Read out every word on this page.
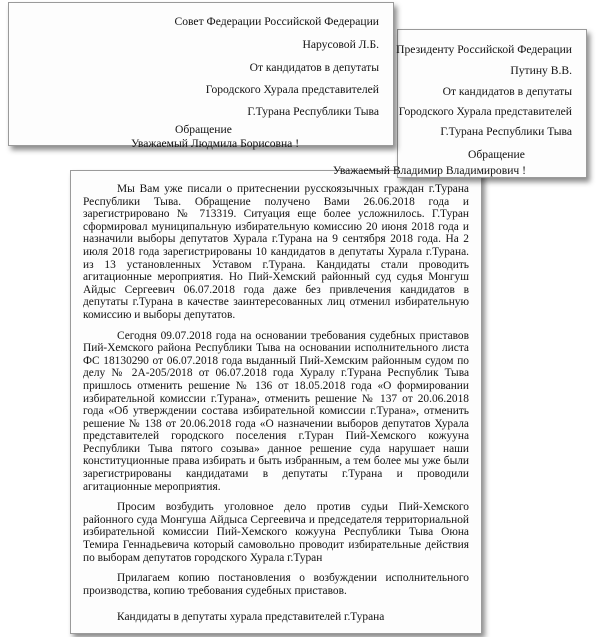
Совет Федерации Российской Федерации
Нарусовой Л.Б.
От кандидатов в депутаты
Городского Хурала представителей
Г.Турана Республики Тыва
Обращение
Уважаемый Людмила Борисовна !
Президенту Российской Федерации
Путину В.В.
От кандидатов в депутаты
Городского Хурала представителей
Г.Турана Республики Тыва
Обращение
Уважаемый Владимир Владимирович !

Мы Вам уже писали о притеснении русскоязычных граждан г.Турана Республики Тыва. Обращение получено Вами 26.06.2018 года и зарегистрировано № 713319. Ситуация еще более усложнилось. Г.Туран сформировал муниципальную избирательную комиссию 20 июня 2018 года и назначили выборы депутатов Хурала г.Турана на 9 сентября 2018 года. На 2 июля 2018 года зарегистрированы 10 кандидатов в депутаты Хурала г.Турана. из 13 установленных Уставом г.Турана. Кандидаты стали проводить агитационные мероприятия. Но Пий-Хемский районный суд судья Монгуш Айдыс Сергеевич 06.07.2018 года даже без привлечения кандидатов в депутаты г.Турана в качестве заинтересованных лиц отменил избирательную комиссию и выборы депутатов.

Сегодня 09.07.2018 года на основании требования судебных приставов Пий-Хемского района Республики Тыва на основании исполнительного листа ФС 18130290 от 06.07.2018 года выданный Пий-Хемским районным судом по делу № 2А-205/2018 от 06.07.2018 года Хуралу г.Турана Республик Тыва пришлось отменить решение № 136 от 18.05.2018 года «О формировании избирательной комиссии г.Турана», отменить решение № 137 от 20.06.2018 года «Об утверждении состава избирательной комиссии г.Турана», отменить решение № 138 от 20.06.2018 года «О назначении выборов депутатов Хурала представителей городского поселения г.Туран Пий-Хемского кожууна Республики Тыва пятого созыва» данное решение суда нарушает наши конституционные права избирать и быть избранным, а тем более мы уже были зарегистрированы кандидатами в депутаты г.Турана и проводили агитационные мероприятия.

Просим возбудить уголовное дело против судьи Пий-Хемского районного суда Монгуша Айдыса Сергеевича и председателя территориальной избирательной комиссии Пий-Хемского кожууна Республики Тыва Оюна Темира Геннадьевича который самовольно проводит избирательные действия по выборам депутатов городского Хурала г.Туран

Прилагаем копию постановления о возбуждении исполнительного производства, копию требования судебных приставов.

Кандидаты в депутаты хурала представителей г.Турана
